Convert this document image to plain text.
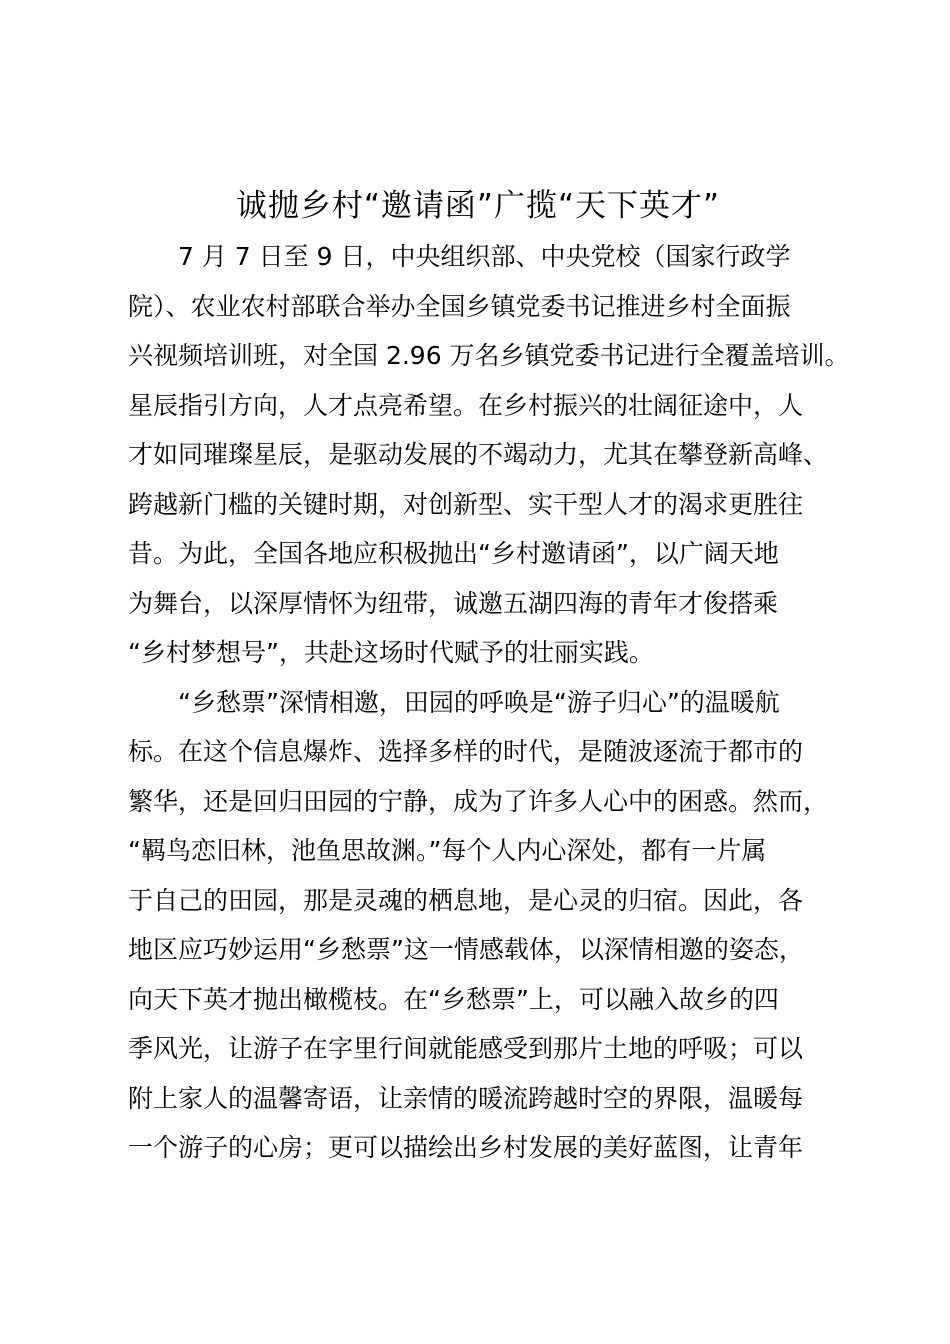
诚抛乡村“邀请函”广揽“天下英才”
7 月 7 日至 9 日，中央组织部、中央党校（国家行政学
院）、农业农村部联合举办全国乡镇党委书记推进乡村全面振
兴视频培训班，对全国 2.96 万名乡镇党委书记进行全覆盖培训。
星辰指引方向，人才点亮希望。在乡村振兴的壮阔征途中，人
才如同璀璨星辰，是驱动发展的不竭动力，尤其在攀登新高峰、
跨越新门槛的关键时期，对创新型、实干型人才的渴求更胜往
昔。为此，全国各地应积极抛出“乡村邀请函”，以广阔天地
为舞台，以深厚情怀为纽带，诚邀五湖四海的青年才俊搭乘
“乡村梦想号”，共赴这场时代赋予的壮丽实践。
“乡愁票”深情相邀，田园的呼唤是“游子归心”的温暖航
标。在这个信息爆炸、选择多样的时代，是随波逐流于都市的
繁华，还是回归田园的宁静，成为了许多人心中的困惑。然而，
“羁鸟恋旧林，池鱼思故渊。”每个人内心深处，都有一片属
于自己的田园，那是灵魂的栖息地，是心灵的归宿。因此，各
地区应巧妙运用“乡愁票”这一情感载体，以深情相邀的姿态，
向天下英才抛出橄榄枝。在“乡愁票”上，可以融入故乡的四
季风光，让游子在字里行间就能感受到那片土地的呼吸；可以
附上家人的温馨寄语，让亲情的暖流跨越时空的界限，温暖每
一个游子的心房；更可以描绘出乡村发展的美好蓝图，让青年
